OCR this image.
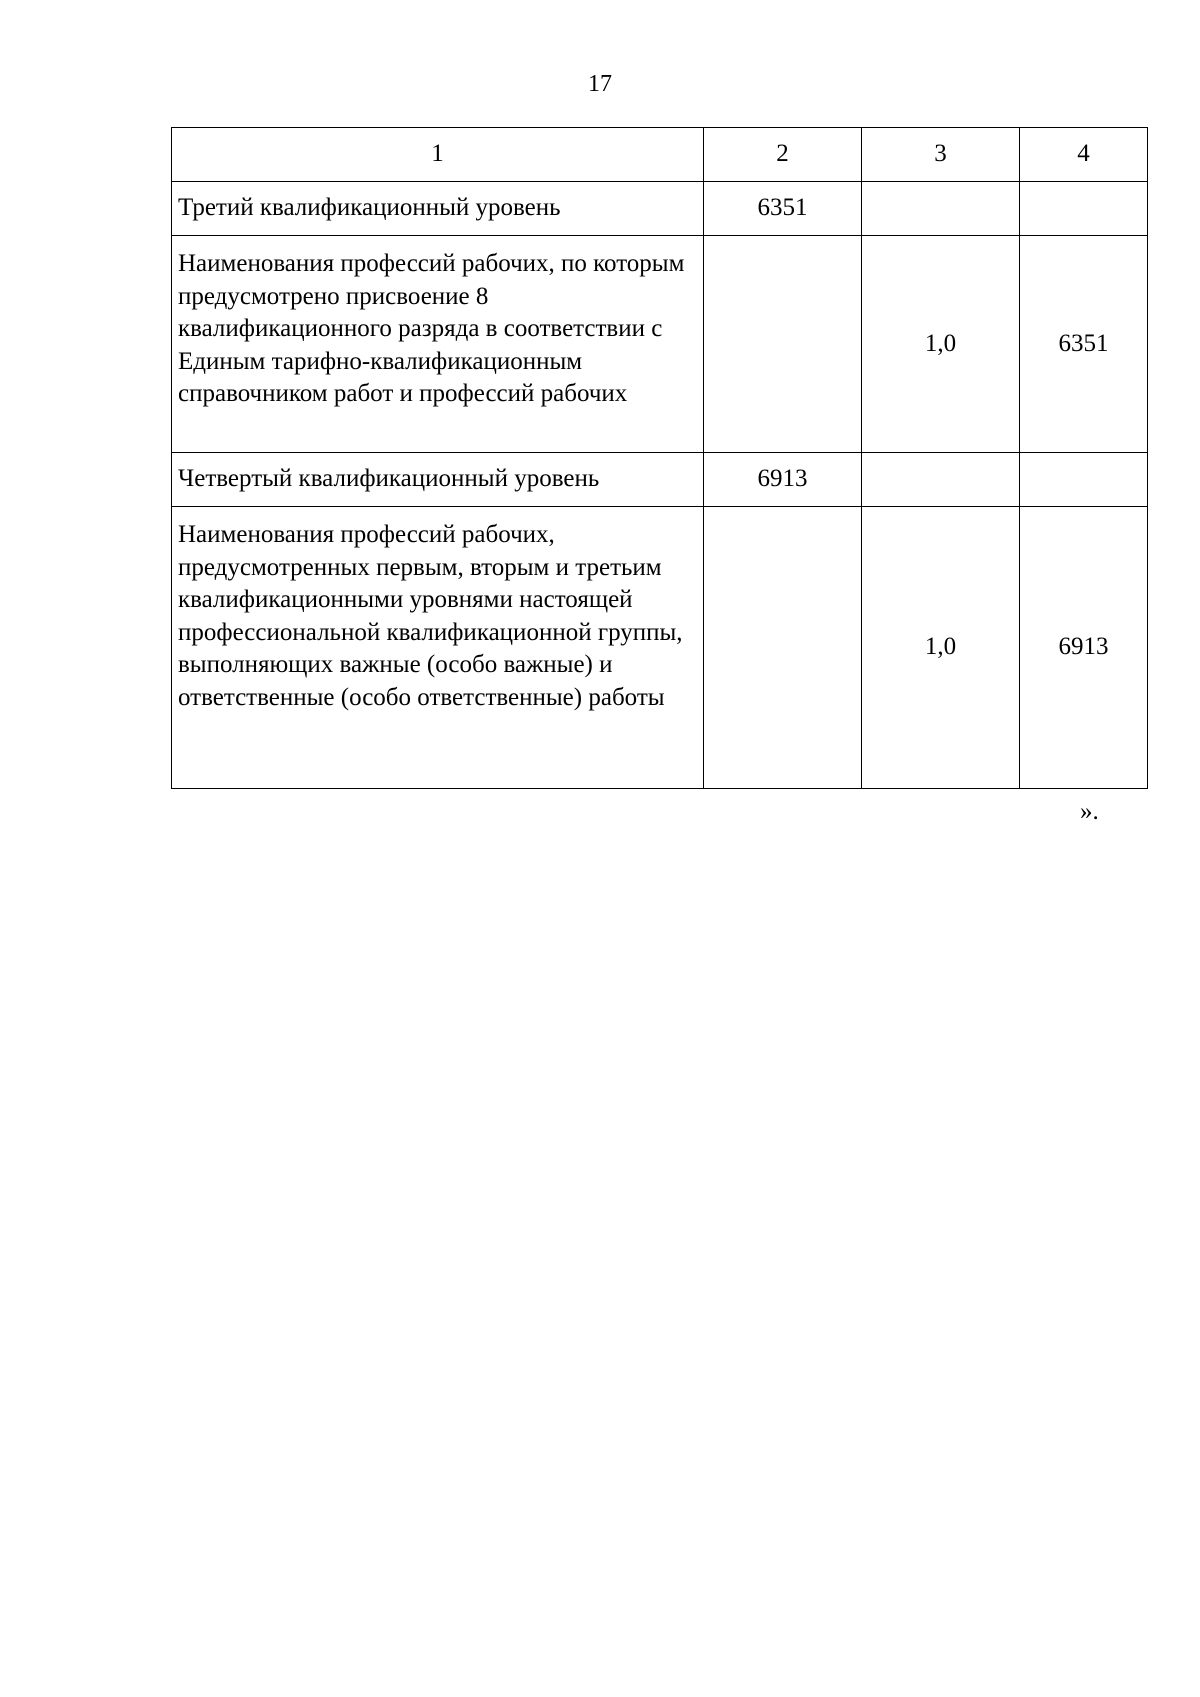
17
1	2	3	4
Третий квалификационный уровень	6351		
Наименования профессий рабочих, по которым предусмотрено присвоение 8 квалификационного разряда в соответствии с Единым тарифно-квалификационным справочником работ и профессий рабочих		1,0	6351
Четвертый квалификационный уровень	6913		
Наименования профессий рабочих, предусмотренных первым, вторым и третьим квалификационными уровнями настоящей профессиональной квалификационной группы, выполняющих важные (особо важные) и ответственные (особо ответственные) работы		1,0	6913
».
